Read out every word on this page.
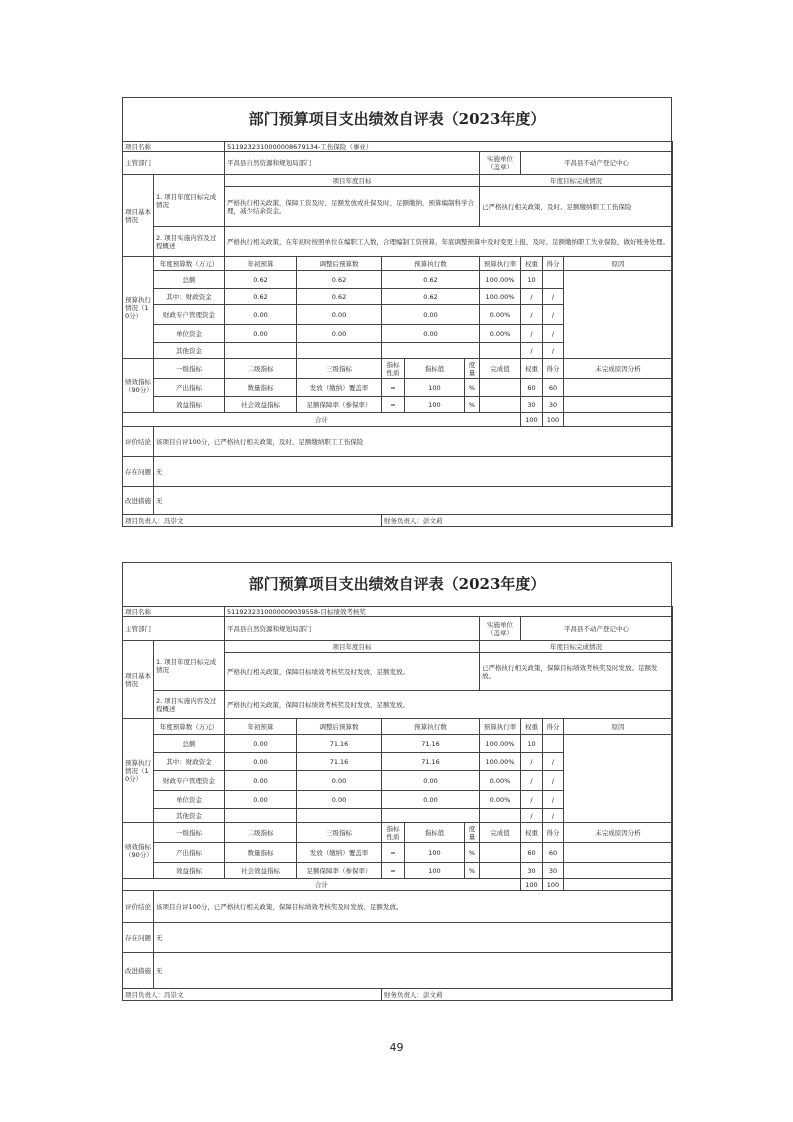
部门预算项目支出绩效自评表（2023年度）
项目名称		511923231000000867913​4-工伤保险（事业）								
主管部门		平昌县自然资源和规划局部门					实施单位（盖章）	平昌县不动产登记中心		
项目基本情况	1. 项目年度目标完成情况	项目年度目标					年度目标完成情况			
		严格执行相关政策，保障工资及时、足额发放或社保及时、足额缴纳，预算编制科学合理，减少结余资金。					已严格执行相关政策，及时、足额缴纳职工工伤保险			
	2. 项目实施内容及过程概述	严格执行相关政策，在年初时按照单位在编职工人数，合理编制工资预算，年底调整预算中及时变更上报，及时、足额缴纳职工失业保险，做好账务处理。								
预算执行情况（10分）	年度预算数（万元）	年初预算	调整后预算数	预算执行数			预算执行率	权重	得分	原因
	总额	0.62	0.62	0.62			100.00%	10		
	其中：财政资金	0.62	0.62	0.62			100.00%	/	/	
	财政专户管理资金	0.00	0.00	0.00			0.00%	/	/	
	单位资金	0.00	0.00	0.00			0.00%	/	/	
	其他资金							/	/	
绩效指标（90分）	一级指标	二级指标	三级指标	指标性质	指标值	度量	完成值	权重	得分	未完成原因分析
	产出指标	数量指标	发放（缴纳）覆盖率	=	100	%		60	60	
	效益指标	社会效益指标	足额保障率（参保率）	=	100	%		30	30	
合计								100	100	
评价结论	该项目自评100分，已严格执行相关政策，及时、足额缴纳职工工伤保险									
存在问题	无									
改进措施	无									
项目负责人：冯崇文				财务负责人：彭文莉						
部门预算项目支出绩效自评表（2023年度）
项目名称		51192323100000090395​58-目标绩效考核奖								
主管部门		平昌县自然资源和规划局部门					实施单位（盖章）	平昌县不动产登记中心		
项目基本情况	1. 项目年度目标完成情况	项目年度目标					年度目标完成情况			
		严格执行相关政策，保障目标绩效考核奖及时发放、足额发放。					已严格执行相关政策，保障目标绩效考核奖及时发放、足额发放。			
	2. 项目实施内容及过程概述	严格执行相关政策，保障目标绩效考核奖及时发放、足额发放。								
预算执行情况（10分）	年度预算数（万元）	年初预算	调整后预算数	预算执行数			预算执行率	权重	得分	原因
	总额	0.00	71.16	71.16			100.00%	10		
	其中：财政资金	0.00	71.16	71.16			100.00%	/	/	
	财政专户管理资金	0.00	0.00	0.00			0.00%	/	/	
	单位资金	0.00	0.00	0.00			0.00%	/	/	
	其他资金							/	/	
绩效指标（90分）	一级指标	二级指标	三级指标	指标性质	指标值	度量	完成值	权重	得分	未完成原因分析
	产出指标	数量指标	发放（缴纳）覆盖率	=	100	%		60	60	
	效益指标	社会效益指标	足额保障率（参保率）	=	100	%		30	30	
合计								100	100	
评价结论	该项目自评100分，已严格执行相关政策，保障目标绩效考核奖及时发放、足额发放。									
存在问题	无									
改进措施	无									
项目负责人：冯崇文				财务负责人：彭文莉						
49
